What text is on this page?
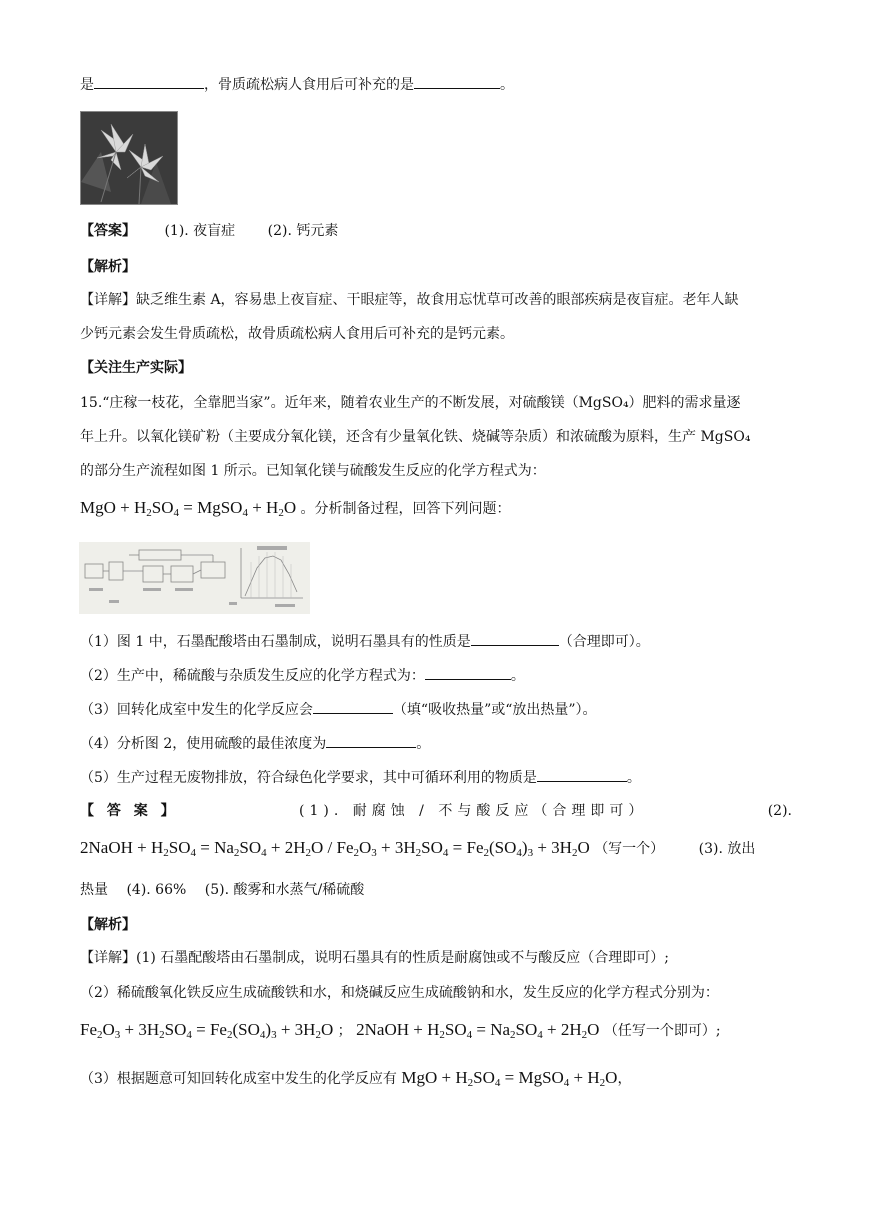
是	，骨质疏松病人食用后可补充的是	。
【答案】 (1). 夜盲症 (2). 钙元素
【解析】
【详解】缺乏维生素 A，容易患上夜盲症、干眼症等，故食用忘忧草可改善的眼部疾病是夜盲症。老年人缺
少钙元素会发生骨质疏松，故骨质疏松病人食用后可补充的是钙元素。
【关注生产实际】
15.“庄稼一枝花，全靠肥当家”。近年来，随着农业生产的不断发展，对硫酸镁（MgSO₄）肥料的需求量逐
年上升。以氧化镁矿粉（主要成分氧化镁，还含有少量氧化铁、烧碱等杂质）和浓硫酸为原料，生产 MgSO₄
的部分生产流程如图 1 所示。已知氧化镁与硫酸发生反应的化学方程式为：
MgO + $H_2SO_4$ = MgSO$_4$ + $H_2O$ 。分析制备过程，回答下列问题：
（1）图 1 中，石墨配酸塔由石墨制成，说明石墨具有的性质是	（合理即可）。
（2）生产中，稀硫酸与杂质发生反应的化学方程式为：	。
（3）回转化成室中发生的化学反应会	（填“吸收热量”或“放出热量”）。
（4）分析图 2，使用硫酸的最佳浓度为	。
（5）生产过程无废物排放，符合绿色化学要求，其中可循环利用的物质是	。
【 答 案 】	(1). 耐腐蚀 / 不与酸反应（合理即可）	(2).
2NaOH + $H_2SO_4 = Na_2SO_4 + 2H_2O / Fe_2O_3 + 3H_2SO_4 = Fe_2(SO_4)_3 + 3H_2O$ （写一个） (3). 放出
热量　 (4). 66%　 (5). 酸雾和水蒸气/稀硫酸
【解析】
【详解】(1) 石墨配酸塔由石墨制成，说明石墨具有的性质是耐腐蚀或不与酸反应（合理即可）;
（2）稀硫酸氧化铁反应生成硫酸铁和水，和烧碱反应生成硫酸钠和水，发生反应的化学方程式分别为：
$Fe_2O_3 + 3H_2SO_4 = Fe_2(SO_4)_3 + 3H_2O$ ； 2NaOH + $H_2SO_4 = Na_2SO_4 + 2H_2O$ （任写一个即可）;
（3）根据题意可知回转化成室中发生的化学反应有 MgO + $H_2SO_4$ = MgSO$_4$ + $H_2O$，
